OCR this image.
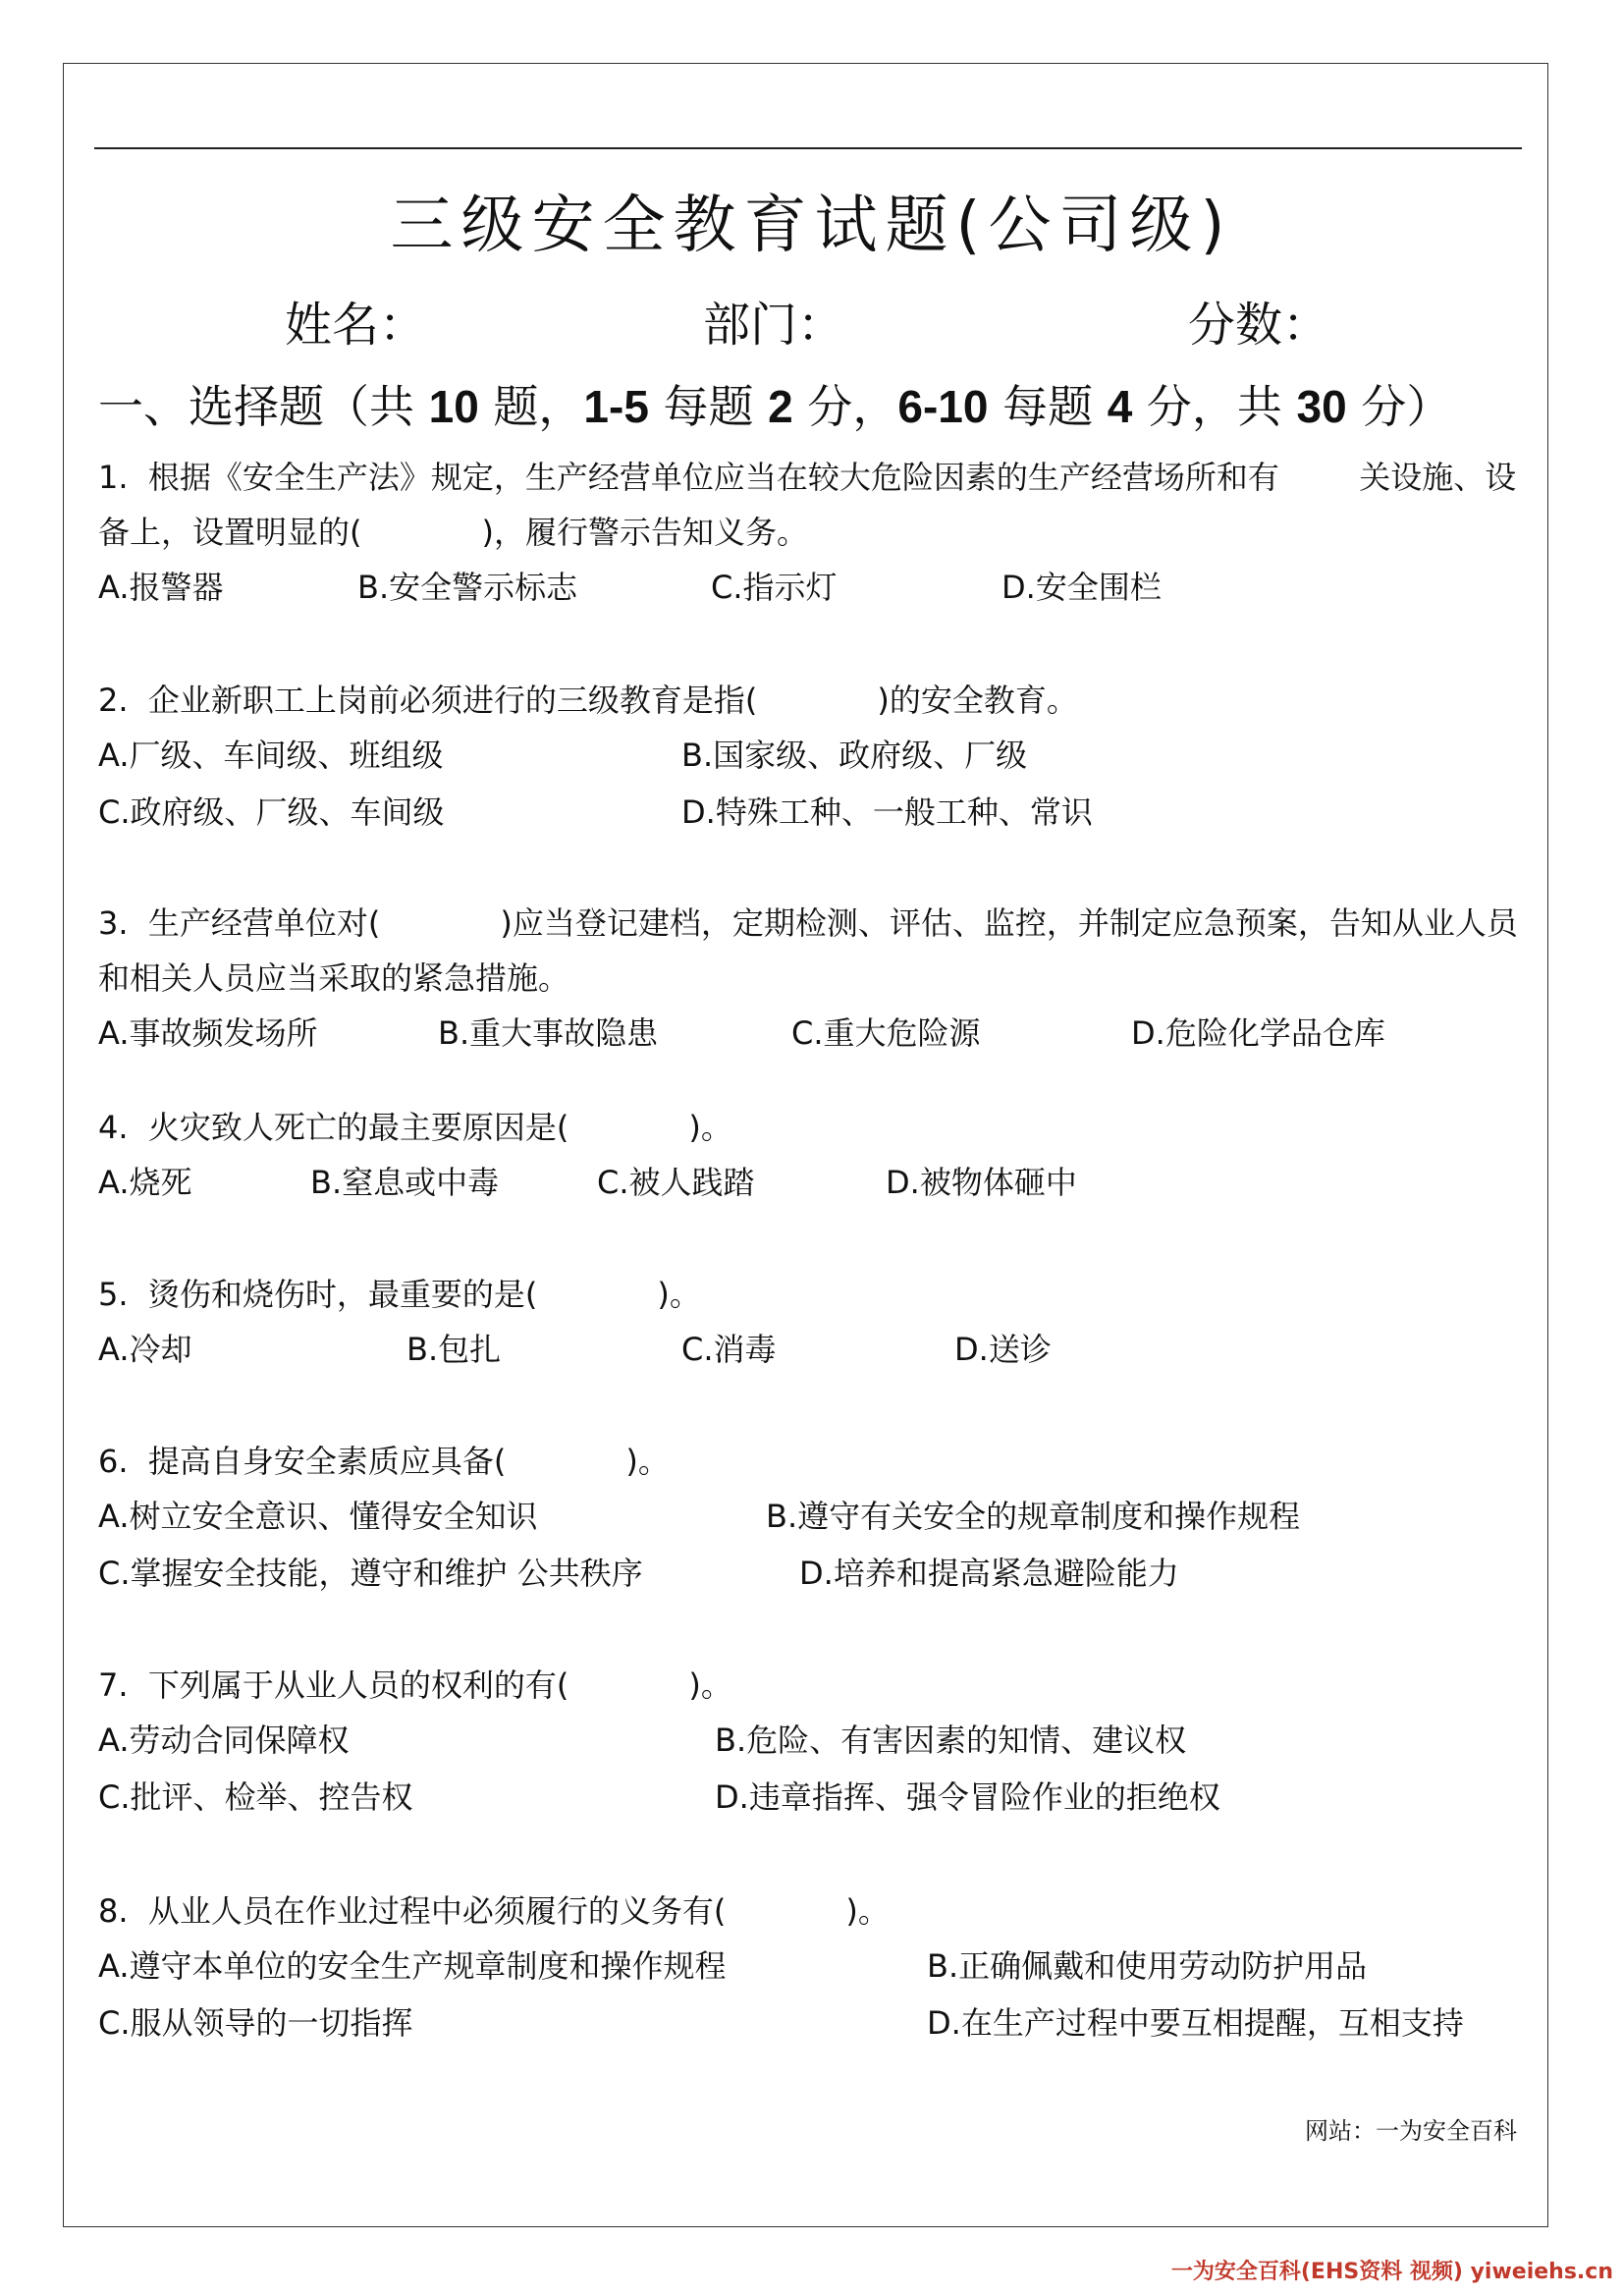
三级安全教育试题(公司级)
姓名：	部门：	分数：
一、选择题（共 10 题，1-5 每题 2 分，6-10 每题 4 分，共 30 分）
1.  根据《安全生产法》规定，生产经营单位应当在较大危险因素的生产经营场所和有        关设施、设备上，设置明显的(            )，履行警示告知义务。
A.报警器	B.安全警示标志	C.指示灯	D.安全围栏
2.  企业新职工上岗前必须进行的三级教育是指(            )的安全教育。
A.厂级、车间级、班组级	B.国家级、政府级、厂级
C.政府级、厂级、车间级	D.特殊工种、一般工种、常识
3.  生产经营单位对(            )应当登记建档，定期检测、评估、监控，并制定应急预案，告知从业人员和相关人员应当采取的紧急措施。
A.事故频发场所	B.重大事故隐患	C.重大危险源	D.危险化学品仓库
4.  火灾致人死亡的最主要原因是(            )。
A.烧死	B.窒息或中毒	C.被人践踏	D.被物体砸中
5.  烫伤和烧伤时，最重要的是(            )。
A.冷却	B.包扎	C.消毒	D.送诊
6.  提高自身安全素质应具备(            )。
A.树立安全意识、懂得安全知识	B.遵守有关安全的规章制度和操作规程
C.掌握安全技能，遵守和维护 公共秩序	D.培养和提高紧急避险能力
7.  下列属于从业人员的权利的有(            )。
A.劳动合同保障权	B.危险、有害因素的知情、建议权
C.批评、检举、控告权	D.违章指挥、强令冒险作业的拒绝权
8.  从业人员在作业过程中必须履行的义务有(            )。
A.遵守本单位的安全生产规章制度和操作规程	B.正确佩戴和使用劳动防护用品
C.服从领导的一切指挥	D.在生产过程中要互相提醒，互相支持
网站：一为安全百科
一为安全百科(EHS资料 视频) yiweiehs.cn
